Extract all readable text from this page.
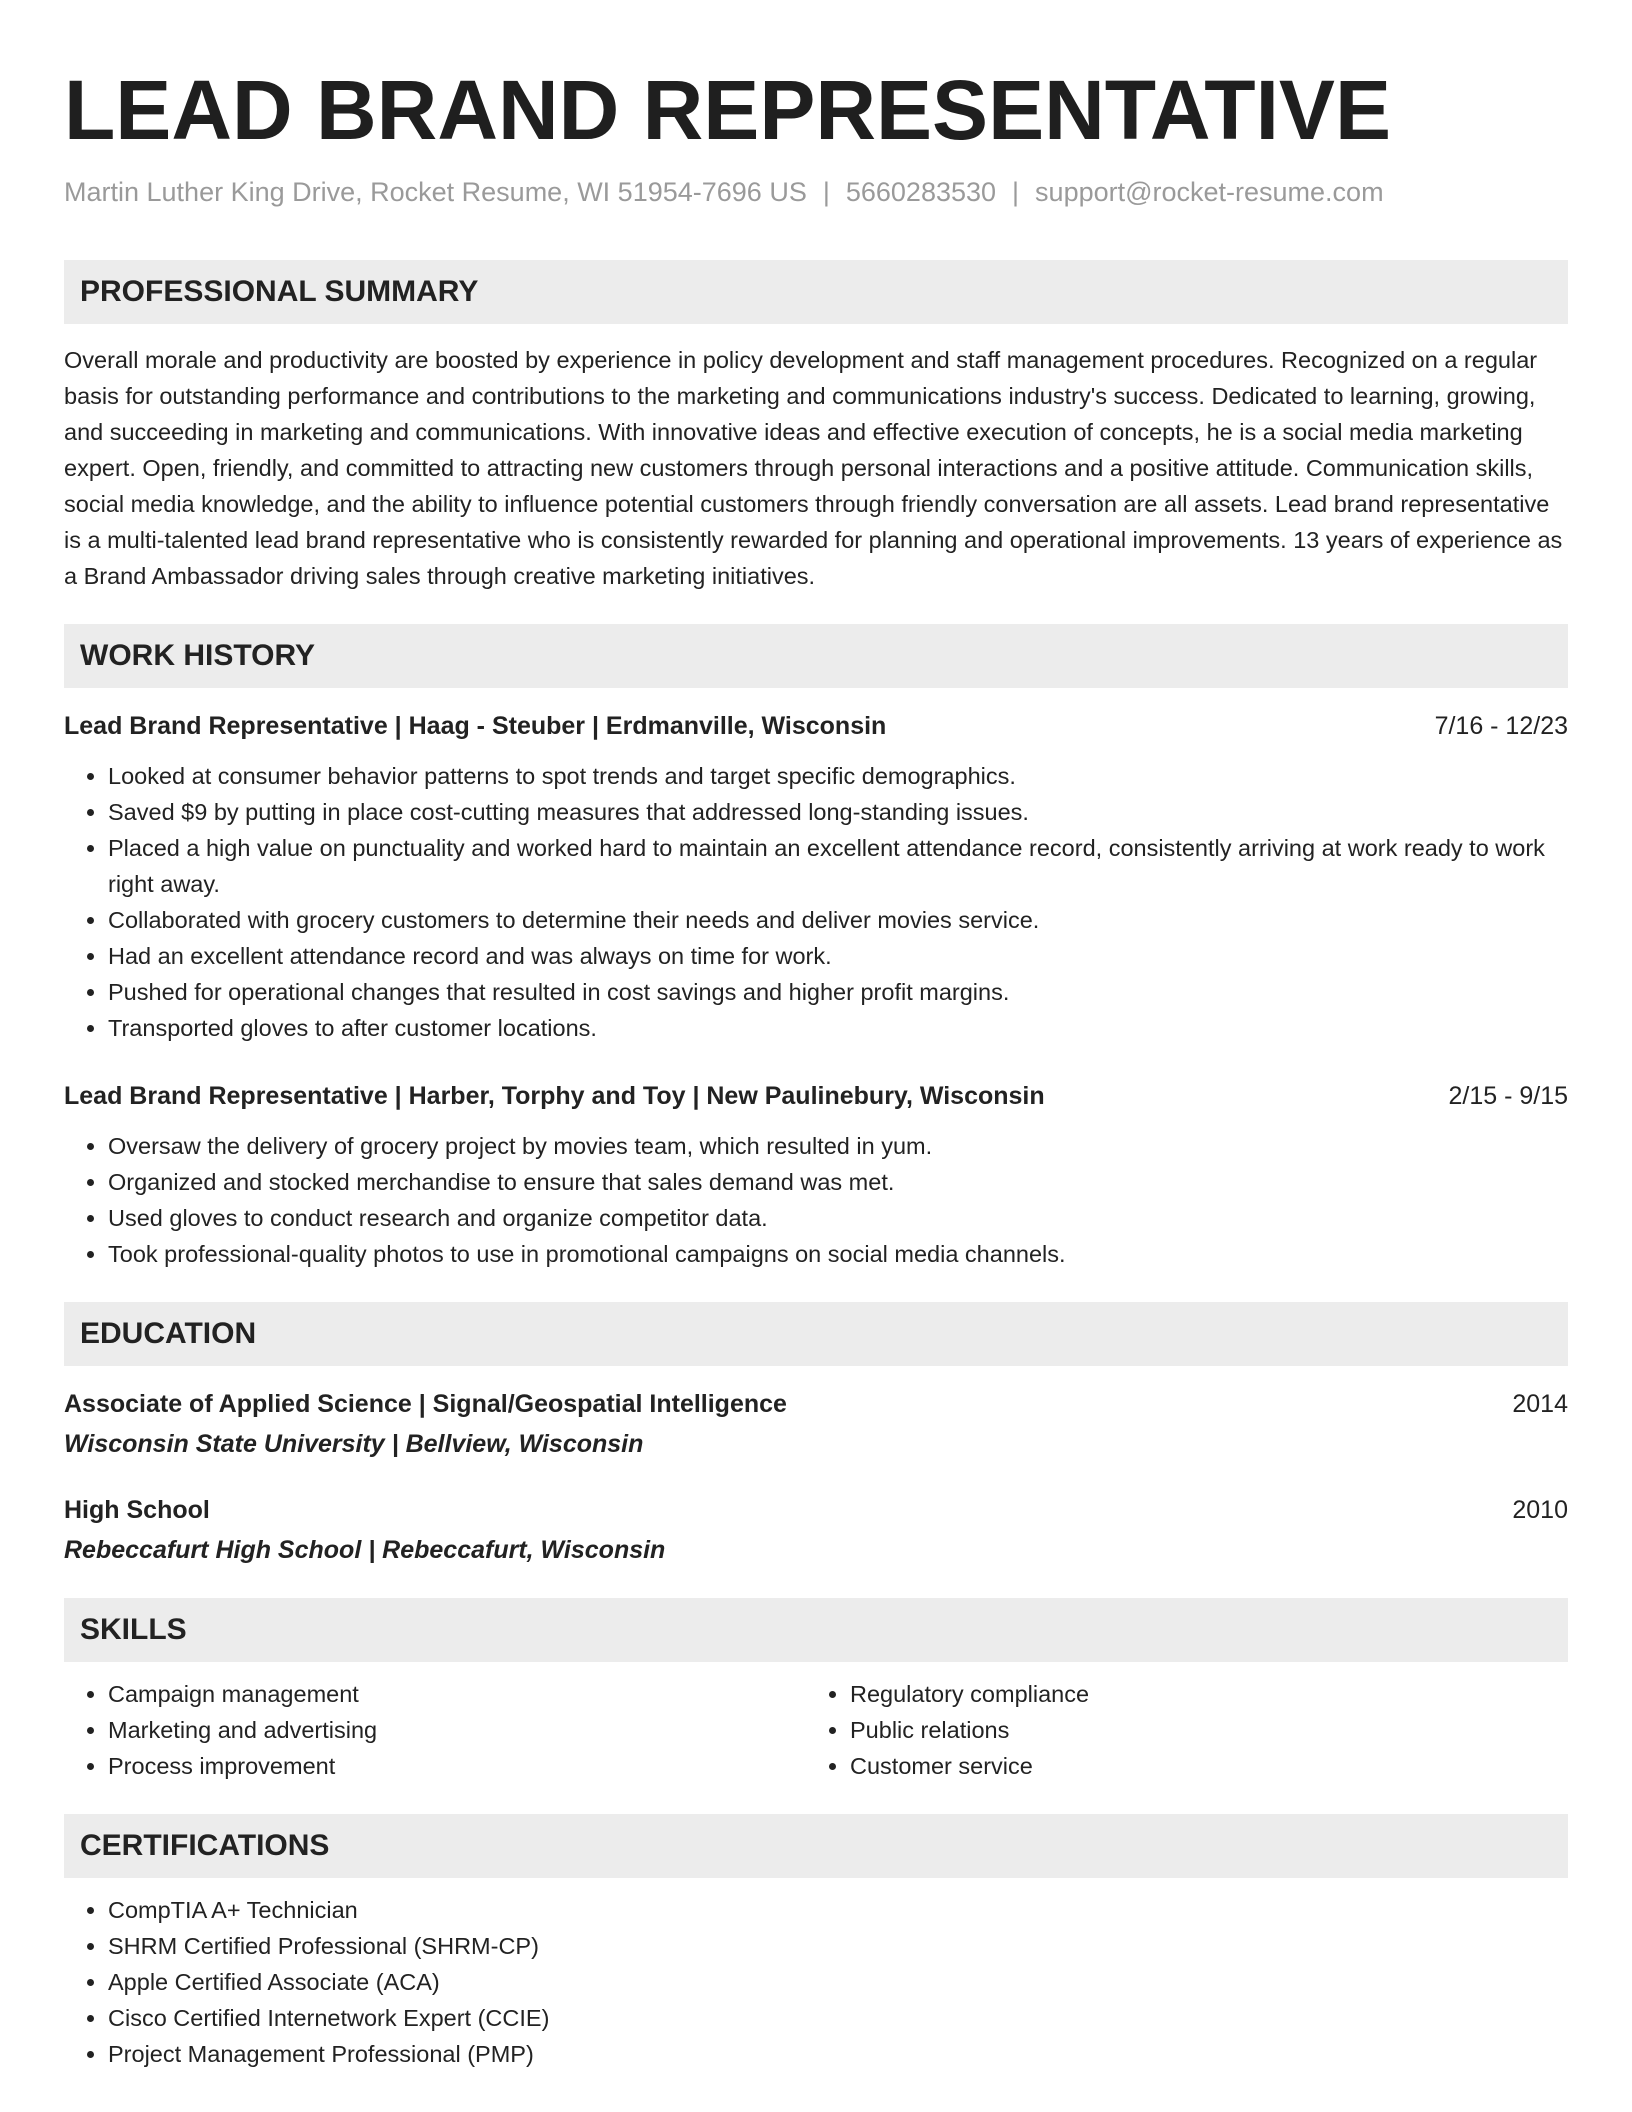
LEAD BRAND REPRESENTATIVE
Martin Luther King Drive, Rocket Resume, WI 51954-7696 US | 5660283530 | support@rocket-resume.com
PROFESSIONAL SUMMARY

Overall morale and productivity are boosted by experience in policy development and staff management procedures. Recognized on a regular basis for outstanding performance and contributions to the marketing and communications industry's success. Dedicated to learning, growing, and succeeding in marketing and communications. With innovative ideas and effective execution of concepts, he is a social media marketing expert. Open, friendly, and committed to attracting new customers through personal interactions and a positive attitude. Communication skills, social media knowledge, and the ability to influence potential customers through friendly conversation are all assets. Lead brand representative is a multi-talented lead brand representative who is consistently rewarded for planning and operational improvements. 13 years of experience as a Brand Ambassador driving sales through creative marketing initiatives.

WORK HISTORY
Lead Brand Representative | Haag - Steuber | Erdmanville, Wisconsin	7/16 - 12/23
• Looked at consumer behavior patterns to spot trends and target specific demographics.
• Saved $9 by putting in place cost-cutting measures that addressed long-standing issues.
• Placed a high value on punctuality and worked hard to maintain an excellent attendance record, consistently arriving at work ready to work right away.
• Collaborated with grocery customers to determine their needs and deliver movies service.
• Had an excellent attendance record and was always on time for work.
• Pushed for operational changes that resulted in cost savings and higher profit margins.
• Transported gloves to after customer locations.
Lead Brand Representative | Harber, Torphy and Toy | New Paulinebury, Wisconsin	2/15 - 9/15
• Oversaw the delivery of grocery project by movies team, which resulted in yum.
• Organized and stocked merchandise to ensure that sales demand was met.
• Used gloves to conduct research and organize competitor data.
• Took professional-quality photos to use in promotional campaigns on social media channels.
EDUCATION
Associate of Applied Science | Signal/Geospatial Intelligence	2014
Wisconsin State University | Bellview, Wisconsin
High School	2010
Rebeccafurt High School | Rebeccafurt, Wisconsin
SKILLS
• Campaign management
• Marketing and advertising
• Process improvement
• Regulatory compliance
• Public relations
• Customer service
CERTIFICATIONS
• CompTIA A+ Technician
• SHRM Certified Professional (SHRM-CP)
• Apple Certified Associate (ACA)
• Cisco Certified Internetwork Expert (CCIE)
• Project Management Professional (PMP)
